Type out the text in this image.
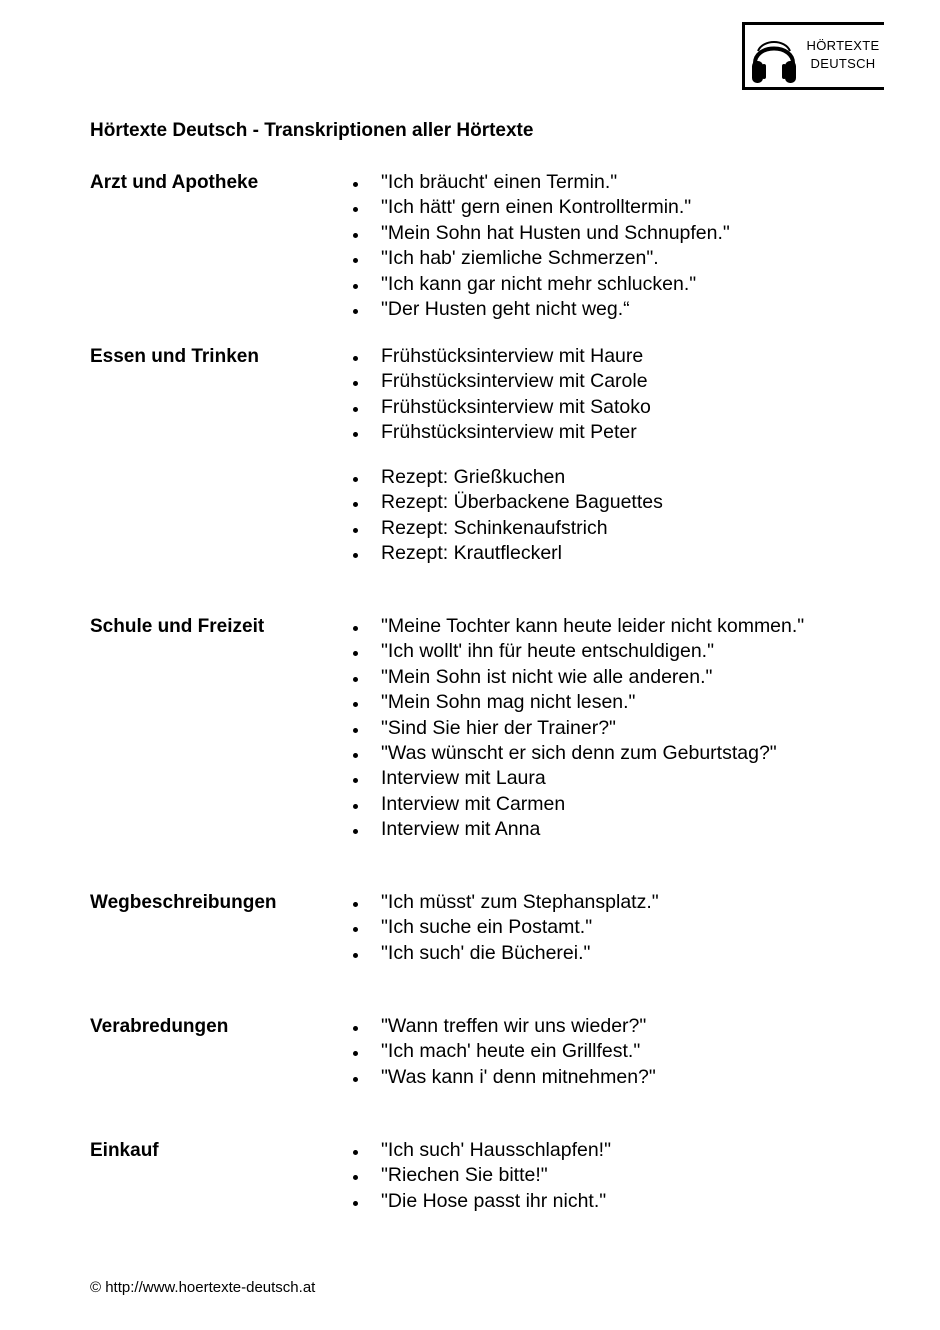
HÖRTEXTE
DEUTSCH
Hörtexte Deutsch - Transkriptionen aller Hörtexte
Arzt und Apotheke	"Ich bräucht' einen Termin."
"Ich hätt' gern einen Kontrolltermin."
"Mein Sohn hat Husten und Schnupfen."
"Ich hab' ziemliche Schmerzen".
"Ich kann gar nicht mehr schlucken."
"Der Husten geht nicht weg.“
Essen und Trinken	Frühstücksinterview mit Haure
Frühstücksinterview mit Carole
Frühstücksinterview mit Satoko
Frühstücksinterview mit Peter
Rezept: Grießkuchen
Rezept: Überbackene Baguettes
Rezept: Schinkenaufstrich
Rezept: Krautfleckerl
Schule und Freizeit	"Meine Tochter kann heute leider nicht kommen."
"Ich wollt' ihn für heute entschuldigen."
"Mein Sohn ist nicht wie alle anderen."
"Mein Sohn mag nicht lesen."
"Sind Sie hier der Trainer?"
"Was wünscht er sich denn zum Geburtstag?"
Interview mit Laura
Interview mit Carmen
Interview mit Anna
Wegbeschreibungen	"Ich müsst' zum Stephansplatz."
"Ich suche ein Postamt."
"Ich such' die Bücherei."
Verabredungen	"Wann treffen wir uns wieder?"
"Ich mach' heute ein Grillfest."
"Was kann i' denn mitnehmen?"
Einkauf	"Ich such' Hausschlapfen!"
"Riechen Sie bitte!"
"Die Hose passt ihr nicht."
© http://www.hoertexte-deutsch.at
